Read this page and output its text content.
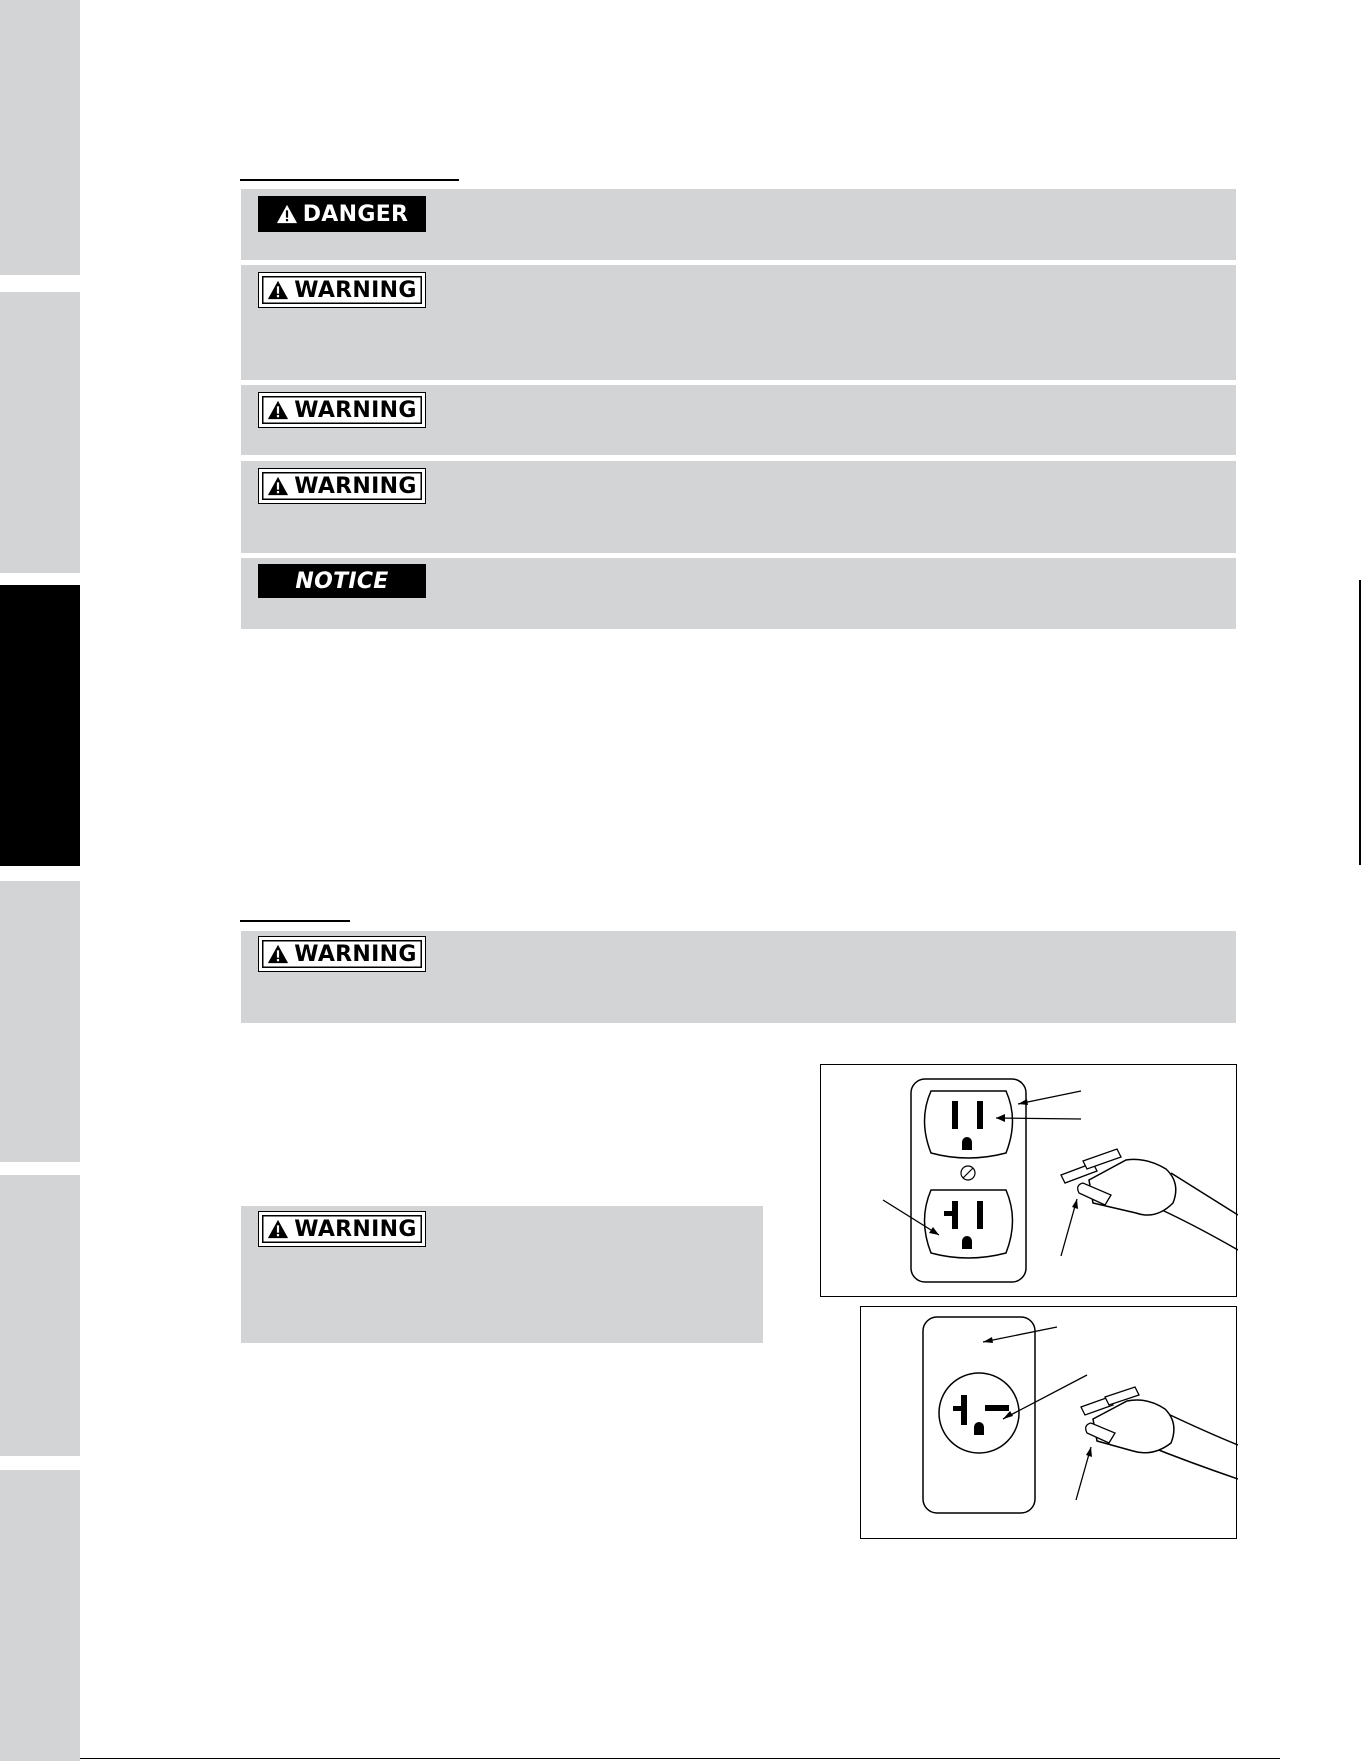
DANGER
WARNING
WARNING
WARNING
NOTICE
WARNING
WARNING
